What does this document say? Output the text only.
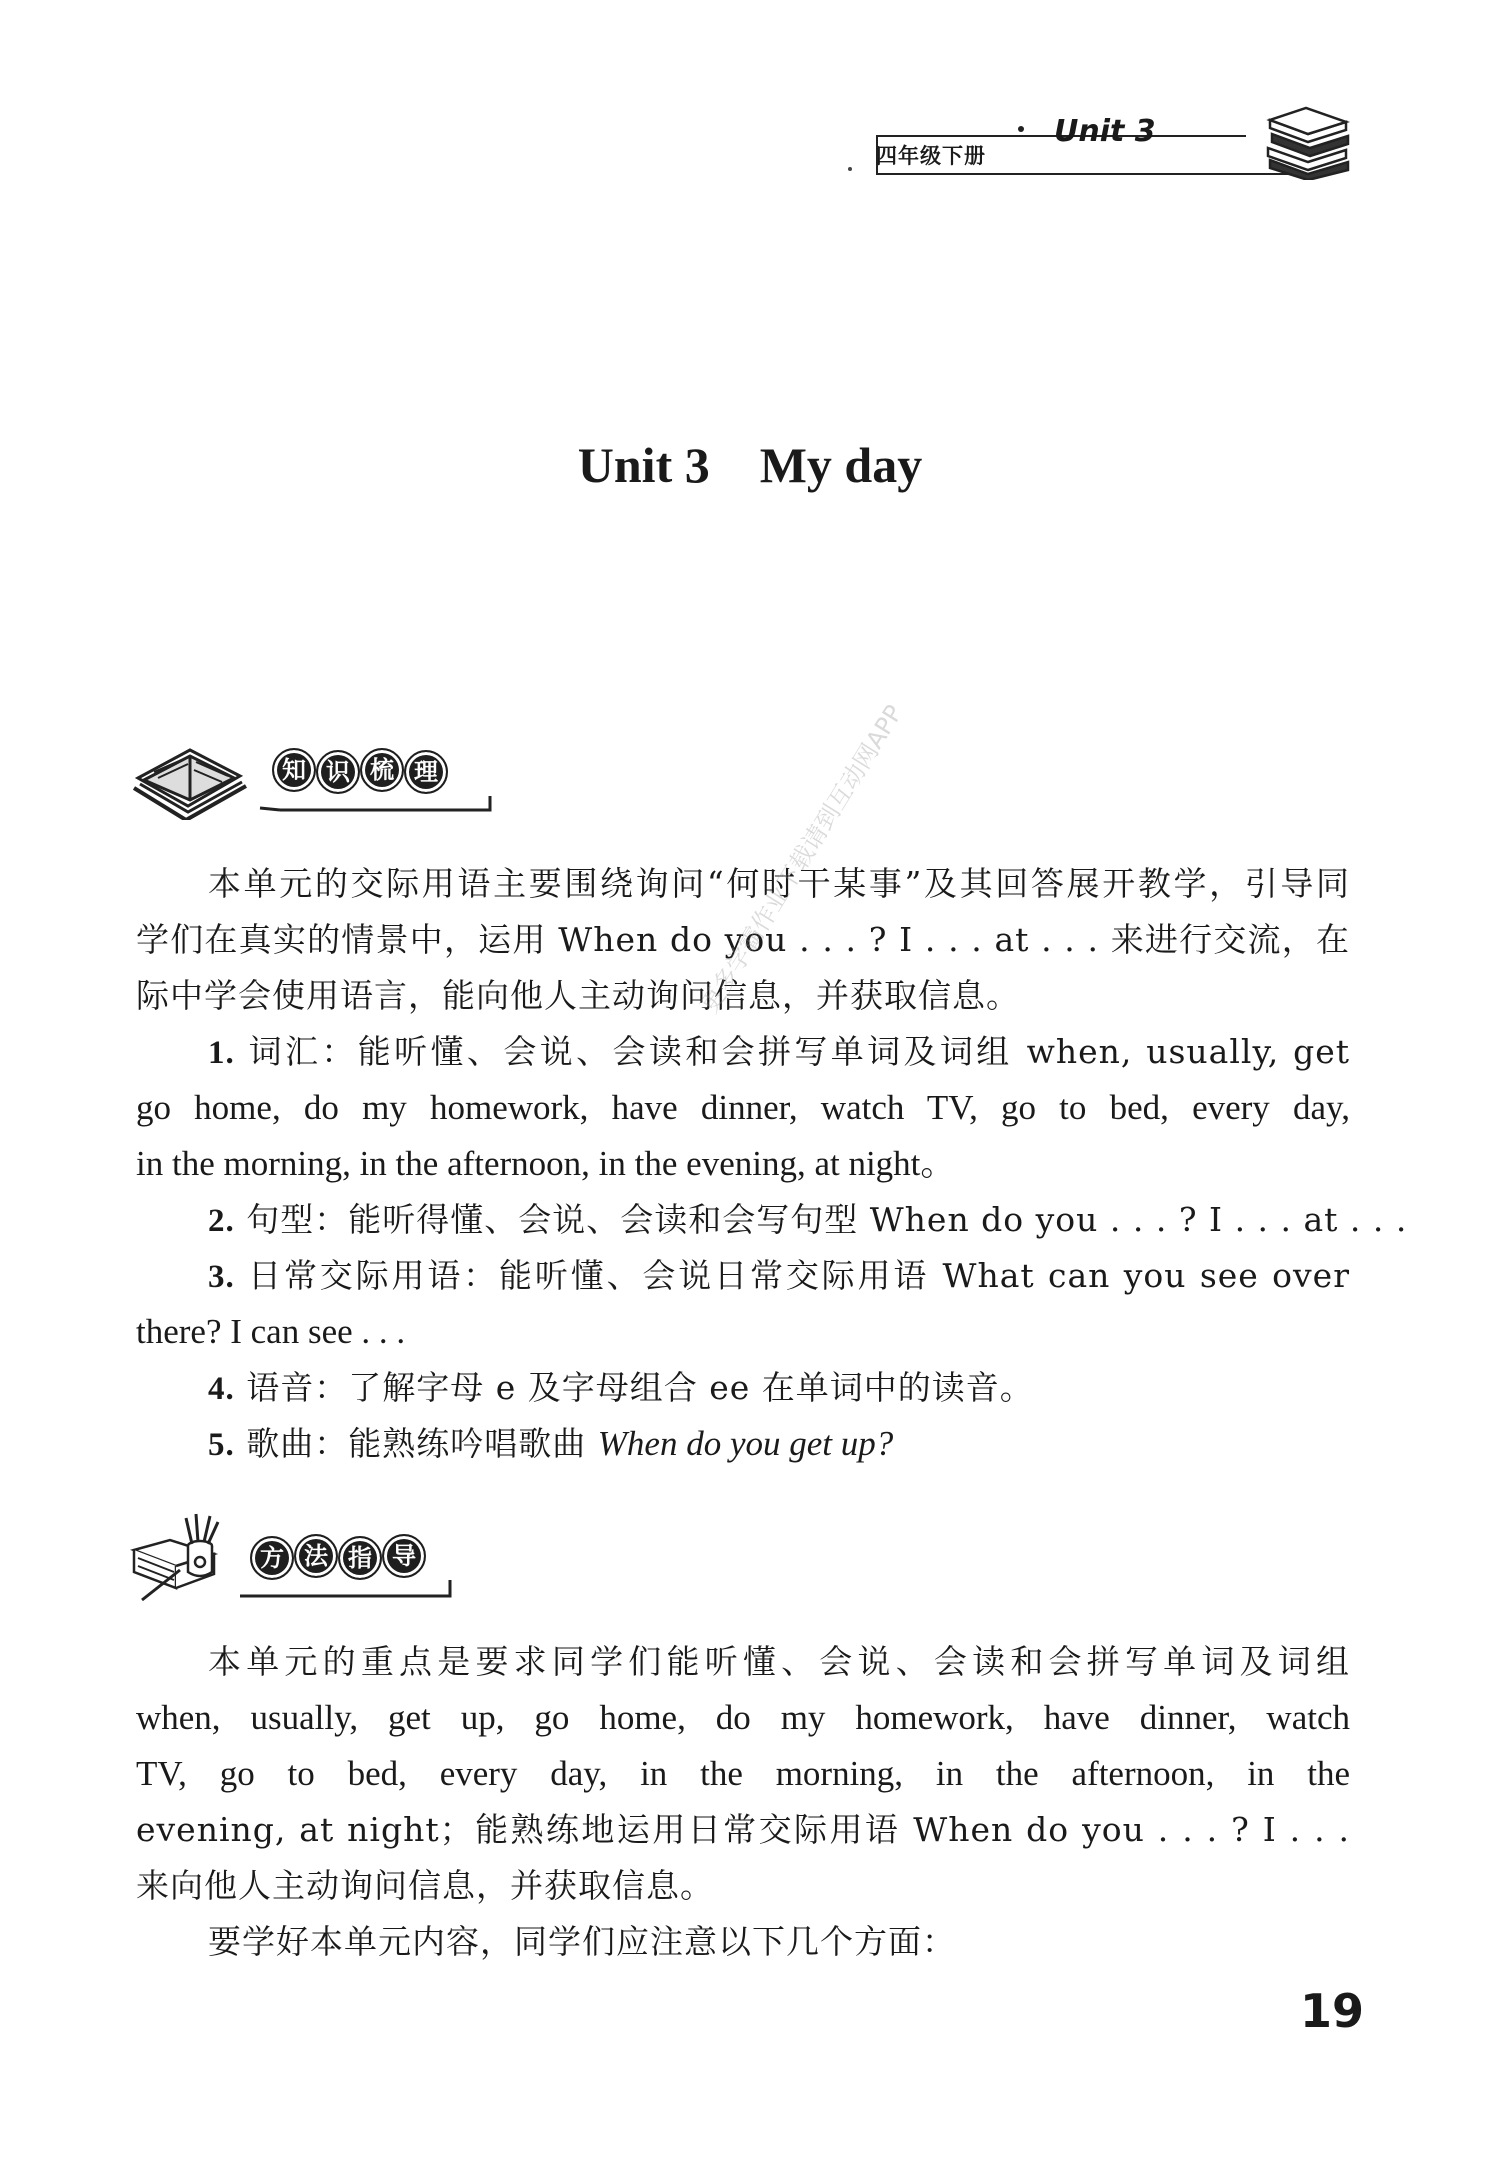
四年级下册
Unit 3
Unit 3    My day
知 识 梳 理
本单元的交际用语主要围绕询问“何时干某事”及其回答展开教学，引导同
学们在真实的情景中，运用 When do you . . . ? I . . . at . . . 来进行交流，在
际中学会使用语言，能向他人主动询问信息，并获取信息。
1. 词汇：能听懂、会说、会读和会拼写单词及词组 when, usually, get
go home, do my homework, have dinner, watch TV, go to bed, every day,
in the morning, in the afternoon, in the evening, at night。
2. 句型：能听得懂、会说、会读和会写句型 When do you . . . ? I . . . at . . .
3. 日常交际用语：能听懂、会说日常交际用语 What can you see over
there? I can see . . .
4. 语音：了解字母 e 及字母组合 ee 在单词中的读音。
5. 歌曲：能熟练吟唱歌曲 When do you get up?
方 法 指 导
本单元的重点是要求同学们能听懂、会说、会读和会拼写单词及词组
when, usually, get up, go home, do my homework, have dinner, watch
TV, go to bed, every day, in the morning, in the afternoon, in the
evening, at night；能熟练地运用日常交际用语 When do you . . . ? I . . .
来向他人主动询问信息，并获取信息。
要学好本单元内容，同学们应注意以下几个方面：
更多学霸作业下载请到互动网APP
19
